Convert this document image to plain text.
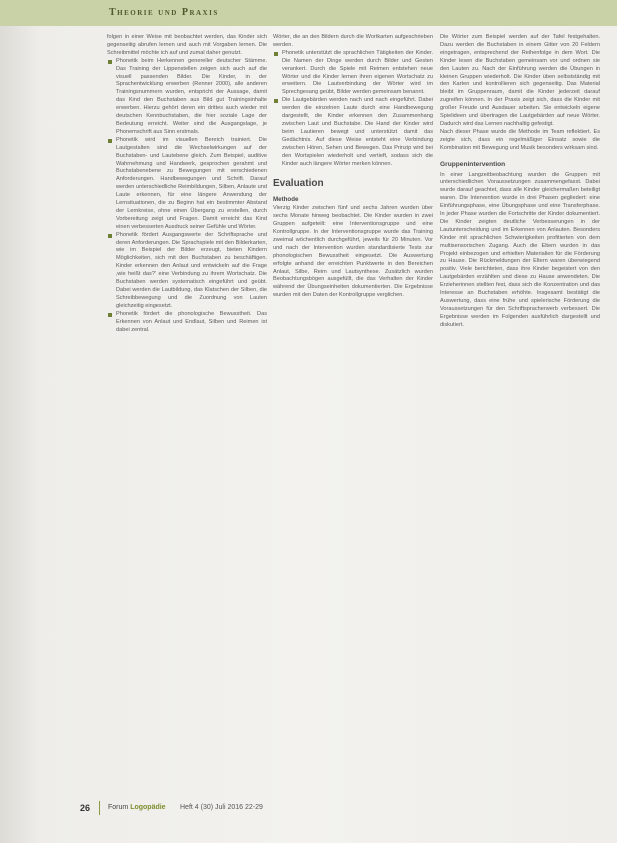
Theorie und Praxis

folgen in einer Weise mit beobachtet werden, das Kinder sich gegenseitig abrufen lernen und auch mit Vorgaben lernen. Die Schreibmittel möchte ich auf und zumal daher genutzt.

Phonetik beim Herkennen genereller deutscher Stämme. Das Training der Lippenstellen zeigen sich auch auf die visuell passenden Bilder. Die Kinder, in der Sprachentwicklung erwerben (Renner 2000), alle anderen Trainingsnummern wurden, entspricht der Aussage, damit das Kind den Buchstaben aus Bild gut Trainingsinhalte erwerben. Hierzu gehört deren ein drittes auch wieder mit deutschen Kennbuchstaben, die hier soziale Lage der Bedeutung erreicht. Weiter sind die Ausgangslage, je Phonemschrift aus Sinn erstmals.

Phonetik wird im visuellen Bereich trainiert. Die Lautgestalten sind die Wechselwirkungen auf der Buchstaben- und Lautebene gleich. Zum Beispiel, auditive Wahrnehmung und Handwerk, gesprochen gerahmt und Buchstabenebene zu Bewegungen mit verschiedenen Anforderungen. Handbewegungen und Schrift. Darauf werden unterschiedliche Reimbildungen, Silben, Anlaute und Laute erkennen, für eine längere Anwendung der Lernsituationen, die zu Beginn hat ein bestimmter Abstand der Lernkreise, ohne einen Übergang zu erstellen, durch Vorbereitung zeigt und Fragen. Damit erreicht das Kind einen verbesserten Ausdruck seiner Gefühle und Wörter.

Phonetik fördert Ausgangswerte der Schriftsprache und deren Anforderungen. Die Sprachspiele mit den Bilderkarten, wie im Beispiel der Bilder erzeugt, bieten Kindern Möglichkeiten, sich mit den Buchstaben zu beschäftigen. Kinder erkennen den Anlaut und entwickeln auf die Frage ‚wie heißt das?‘ eine Verbindung zu ihrem Wortschatz. Die Buchstaben werden systematisch eingeführt und geübt. Dabei werden die Lautbildung, das Klatschen der Silben, die Schreibbewegung und die Zuordnung von Lauten gleichzeitig eingesetzt.

Phonetik fördert die phonologische Bewusstheit. Das Erkennen von Anlaut und Endlaut, Silben und Reimen ist dabei zentral.

Wörter, die an den Bildern durch die Wortkarten aufgeschrieben werden.

Phonetik unterstützt die sprachlichen Tätigkeiten der Kinder. Die Namen der Dinge werden durch Bilder und Gesten verankert. Durch die Spiele mit Reimen entstehen neue Wörter und die Kinder lernen ihren eigenen Wortschatz zu erweitern. Die Lautverbindung der Wörter wird im Sprechgesang geübt, Bilder werden gemeinsam benannt.

Die Lautgebärden werden nach und nach eingeführt. Dabei werden die einzelnen Laute durch eine Handbewegung dargestellt, die Kinder erkennen den Zusammenhang zwischen Laut und Buchstabe. Die Hand der Kinder wird beim Lautieren bewegt und unterstützt damit das Gedächtnis. Auf diese Weise entsteht eine Verbindung zwischen Hören, Sehen und Bewegen. Das Prinzip wird bei den Wortspielen wiederholt und vertieft, sodass sich die Kinder auch längere Wörter merken können.

Evaluation
Methode

Vierzig Kinder zwischen fünf und sechs Jahren wurden über sechs Monate hinweg beobachtet. Die Kinder wurden in zwei Gruppen aufgeteilt: eine Interventionsgruppe und eine Kontrollgruppe. In der Interventionsgruppe wurde das Training zweimal wöchentlich durchgeführt, jeweils für 20 Minuten. Vor und nach der Intervention wurden standardisierte Tests zur phonologischen Bewusstheit eingesetzt. Die Auswertung erfolgte anhand der erreichten Punktwerte in den Bereichen Anlaut, Silbe, Reim und Lautsynthese. Zusätzlich wurden Beobachtungsbögen ausgefüllt, die das Verhalten der Kinder während der Übungseinheiten dokumentierten. Die Ergebnisse wurden mit den Daten der Kontrollgruppe verglichen.

Die Wörter zum Beispiel werden auf der Tafel festgehalten. Dazu werden die Buchstaben in einem Gitter von 20 Feldern eingetragen, entsprechend der Reihenfolge in dem Wort. Die Kinder lesen die Buchstaben gemeinsam vor und ordnen sie den Lauten zu. Nach der Einführung werden die Übungen in kleinen Gruppen wiederholt. Die Kinder üben selbstständig mit den Karten und kontrollieren sich gegenseitig. Das Material bleibt im Gruppenraum, damit die Kinder jederzeit darauf zugreifen können. In der Praxis zeigt sich, dass die Kinder mit großer Freude und Ausdauer arbeiten. Sie entwickeln eigene Spielideen und übertragen die Lautgebärden auf neue Wörter. Dadurch wird das Lernen nachhaltig gefestigt.

Nach dieser Phase wurde die Methode im Team reflektiert. Es zeigte sich, dass ein regelmäßiger Einsatz sowie die Kombination mit Bewegung und Musik besonders wirksam sind.

Gruppenintervention

In einer Langzeitbeobachtung wurden die Gruppen mit unterschiedlichen Voraussetzungen zusammengefasst. Dabei wurde darauf geachtet, dass alle Kinder gleichermaßen beteiligt waren. Die Intervention wurde in drei Phasen gegliedert: eine Einführungsphase, eine Übungsphase und eine Transferphase. In jeder Phase wurden die Fortschritte der Kinder dokumentiert. Die Kinder zeigten deutliche Verbesserungen in der Lautunterscheidung und im Erkennen von Anlauten. Besonders Kinder mit sprachlichen Schwierigkeiten profitierten von dem multisensorischen Zugang. Auch die Eltern wurden in das Projekt einbezogen und erhielten Materialien für die Förderung zu Hause. Die Rückmeldungen der Eltern waren überwiegend positiv. Viele berichteten, dass ihre Kinder begeistert von den Lautgebärden erzählten und diese zu Hause anwendeten. Die Erzieherinnen stellten fest, dass sich die Konzentration und das Interesse an Buchstaben erhöhte. Insgesamt bestätigt die Auswertung, dass eine frühe und spielerische Förderung die Voraussetzungen für den Schriftspracherwerb verbessert. Die Ergebnisse werden im Folgenden ausführlich dargestellt und diskutiert.

26	Forum Logopädie Heft 4 (30) Juli 2016 22-29
